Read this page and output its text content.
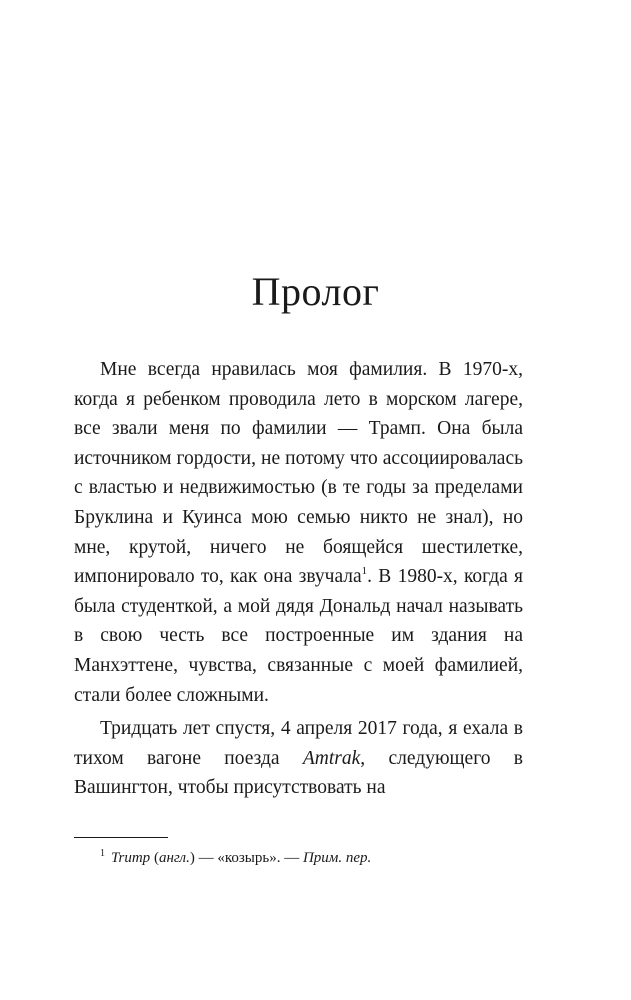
Пролог

Мне всегда нравилась моя фамилия. В 1970-х, когда я ребенком проводила лето в морском лагере, все звали меня по фамилии — Трамп. Она была источником гордости, не потому что ассоциировалась с властью и недвижимостью (в те годы за пределами Бруклина и Куинса мою семью никто не знал), но мне, крутой, ничего не боящейся шестилетке, импонировало то, как она звучала$^1$. В 1980-х, когда я была студенткой, а мой дядя Дональд начал называть в свою честь все построенные им здания на Манхэттене, чувства, связанные с моей фамилией, стали более сложными.

Тридцать лет спустя, 4 апреля 2017 года, я ехала в тихом вагоне поезда Amtrak, следующего в Вашингтон, чтобы присутствовать на

$^1$ Trump (англ.) — «козырь». — Прим. пер.
